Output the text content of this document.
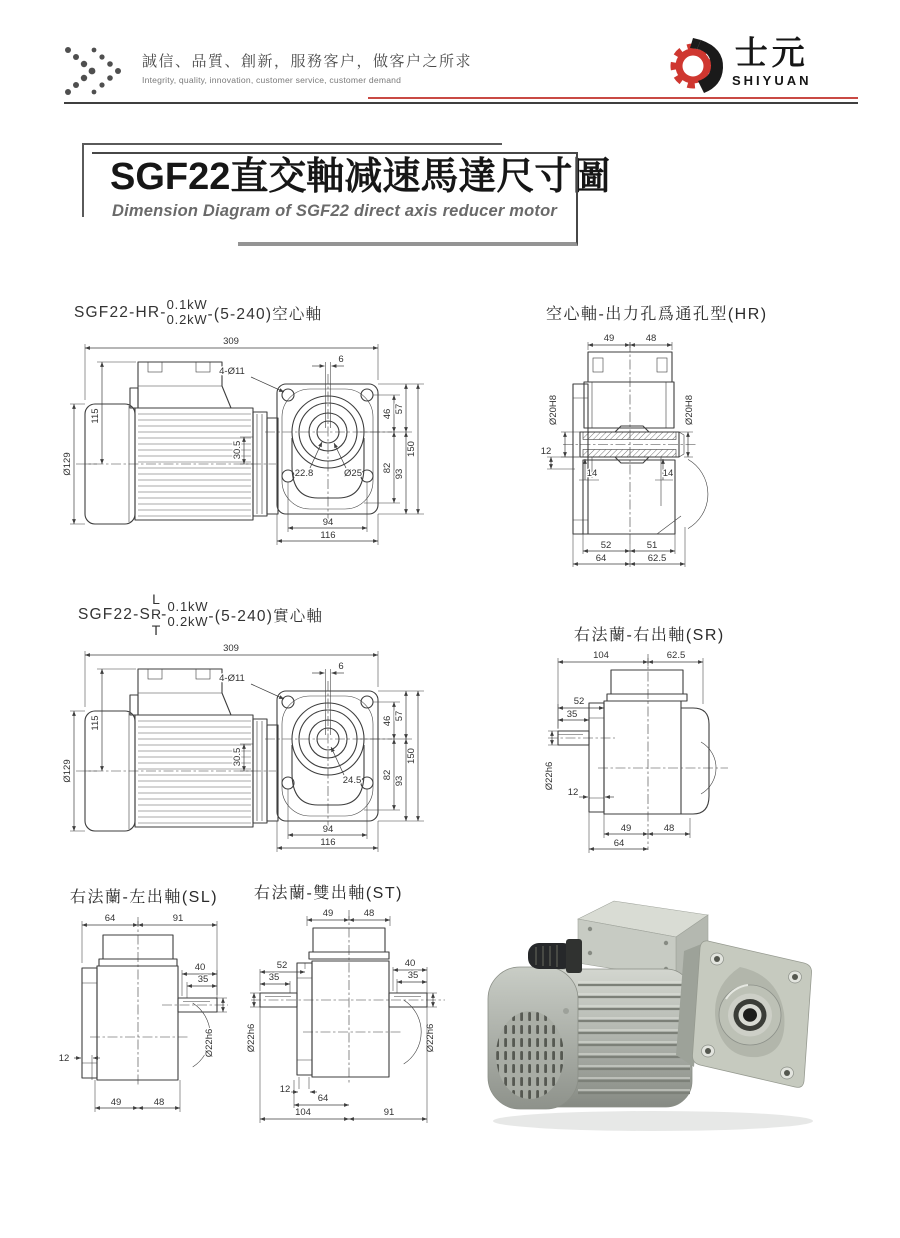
誠信、品質、創新，服務客户，做客户之所求
Integrity, quality, innovation, customer service, customer demand
士元
SHIYUAN
SGF22直交軸减速馬達尺寸圖
Dimension Diagram of SGF22 direct axis reducer motor
SGF22-HR- 0.1kW
0.2kW -(5-240)空心軸	空心軸-出力孔爲通孔型(HR)
SGF22-S
L
R
T
- 0.1kW
0.2kW -(5-240)實心軸
右法蘭-右出軸(SR)
右法蘭-左出軸(SL) 右法蘭-雙出軸(ST)
309
115
Ø129
30.5
6
4-Ø11
46 57
150
82
93
94
116
22.8	Ø25
49	48
Ø20H8	Ø20H8
12
14	14
52	51
64	62.5
309
115
Ø129
30.5
6
4-Ø11
46 57
150
82
93
94
116
24.5
104	62.5
52
35
Ø22h6
12
49	48
64
64	91
40
35
Ø22h6
12
49	48
49	48
52
35
40
35
Ø22h6	Ø22h6
12
64
104	91
